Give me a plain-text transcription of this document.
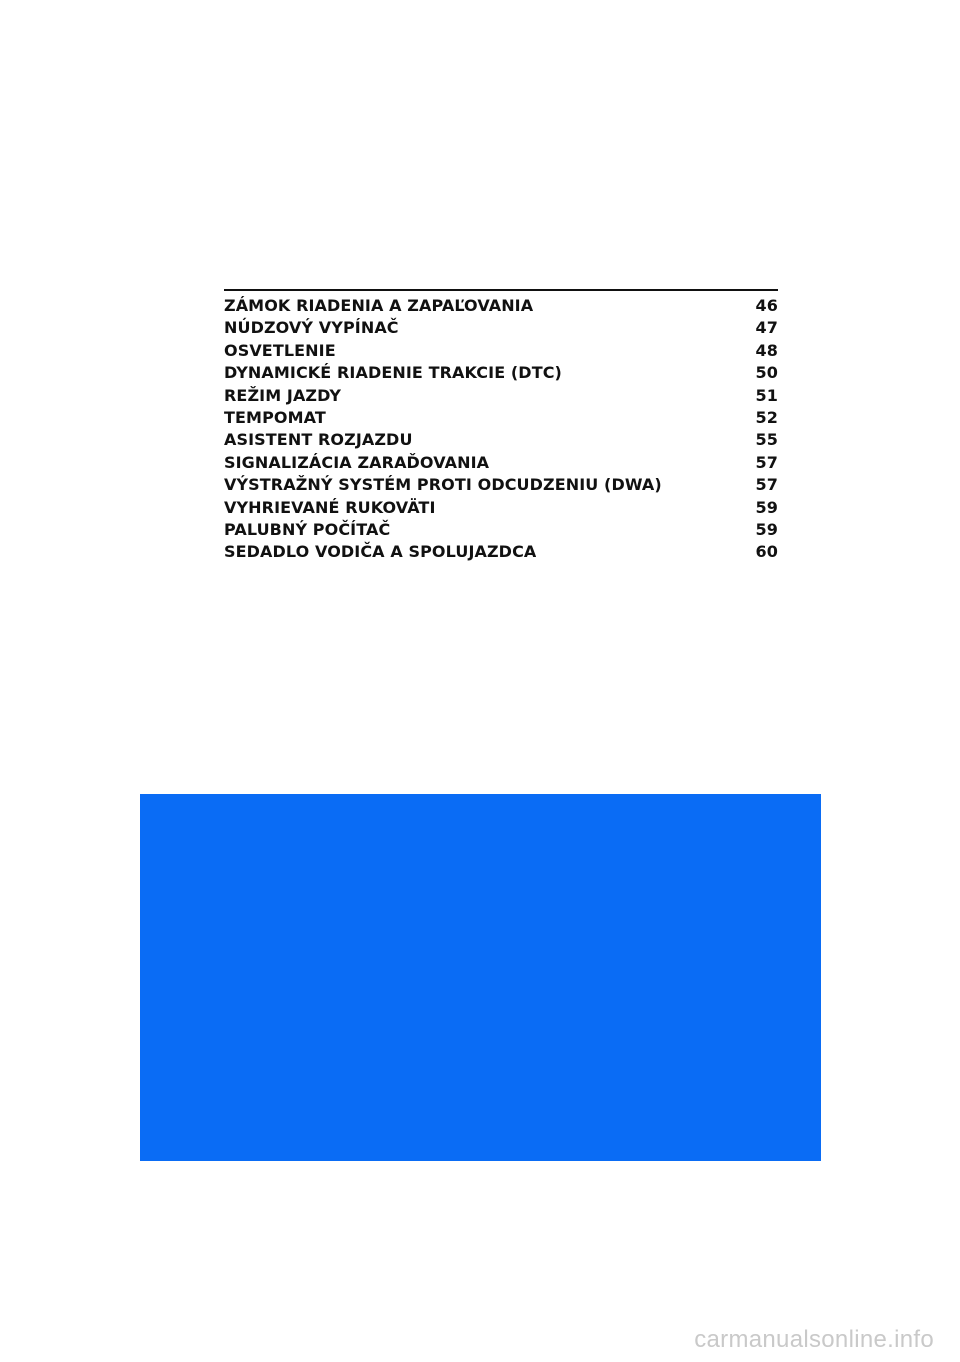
ZÁMOK RIADENIA A ZAPAĽOVANIA	46
NÚDZOVÝ VYPÍNAČ	47
OSVETLENIE	48
DYNAMICKÉ RIADENIE TRAKCIE (DTC)	50
REŽIM JAZDY	51
TEMPOMAT	52
ASISTENT ROZJAZDU	55
SIGNALIZÁCIA ZARAĎOVANIA	57
VÝSTRAŽNÝ SYSTÉM PROTI ODCUDZENIU (DWA)	57
VYHRIEVANÉ RUKOVÄTI	59
PALUBNÝ POČÍTAČ	59
SEDADLO VODIČA A SPOLUJAZDCA	60
carmanualsonline.info
